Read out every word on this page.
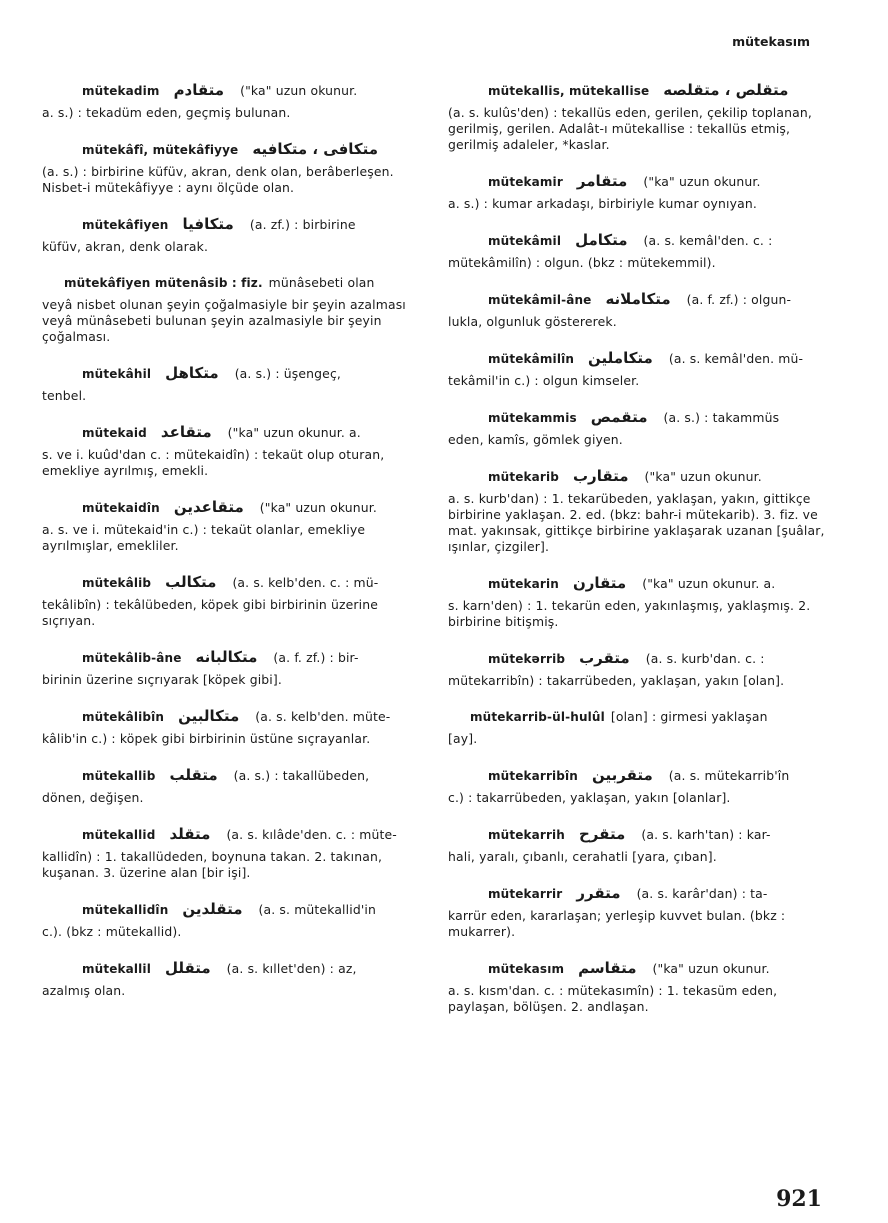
mütekasım
mütekadim متقادم ("ka" uzun okunur.
a. s.) : tekadüm eden, geçmiş bulunan.
mütekâfî, mütekâfiyye متكافى ، متكافيه
(a. s.) : birbirine küfüv, akran, denk olan, berâberleşen. Nisbet-i mütekâfiyye : aynı ölçüde olan.
mütekâfiyen متكافيا (a. zf.) : birbirine
küfüv, akran, denk olarak.
mütekâfiyen mütenâsib : fiz. münâsebeti olan
veyâ nisbet olunan şeyin çoğalmasiyle bir şeyin azalması veyâ münâsebeti bulunan şeyin azalmasiyle bir şeyin çoğalması.
mütekâhil متكاهل (a. s.) : üşengeç,
tenbel.
mütekaid متقاعد ("ka" uzun okunur. a.
s. ve i. kuûd'dan c. : mütekaidîn) : tekaüt olup oturan, emekliye ayrılmış, emekli.
mütekaidîn متقاعدين ("ka" uzun okunur.
a. s. ve i. mütekaid'in c.) : tekaüt olanlar, emekliye ayrılmışlar, emekliler.
mütekâlib متكالب (a. s. kelb'den. c. : mü-
tekâlibîn) : tekâlübeden, köpek gibi birbirinin üzerine sıçrıyan.
mütekâlib-âne متكالبانه (a. f. zf.) : bir-
birinin üzerine sıçrıyarak [köpek gibi].
mütekâlibîn متكالبين (a. s. kelb'den. müte-
kâlib'in c.) : köpek gibi birbirinin üstüne sıçrayanlar.
mütekallib متقلب (a. s.) : takallübeden,
dönen, değişen.
mütekallid متقلد (a. s. kılâde'den. c. : müte-
kallidîn) : 1. takallüdeden, boynuna takan. 2. takınan, kuşanan. 3. üzerine alan [bir işi].
mütekallidîn متقلدين (a. s. mütekallid'in
c.). (bkz : mütekallid).
mütekallil متقلل (a. s. kıllet'den) : az,
azalmış olan.
mütekallis, mütekallise متقلص ، متقلصه
(a. s. kulûs'den) : tekallüs eden, gerilen, çekilip toplanan, gerilmiş, gerilen. Adalât-ı mütekallise : tekallüs etmiş, gerilmiş adaleler, *kaslar.
mütekamir متقامر ("ka" uzun okunur.
a. s.) : kumar arkadaşı, birbiriyle kumar oynıyan.
mütekâmil متكامل (a. s. kemâl'den. c. :
mütekâmilîn) : olgun. (bkz : mütekemmil).
mütekâmil-âne متكاملانه (a. f. zf.) : olgun-
lukla, olgunluk göstererek.
mütekâmilîn متكاملين (a. s. kemâl'den. mü-
tekâmil'in c.) : olgun kimseler.
mütekammis متقمص (a. s.) : takammüs
eden, kamîs, gömlek giyen.
mütekarib متقارب ("ka" uzun okunur.
a. s. kurb'dan) : 1. tekarübeden, yaklaşan, yakın, gittikçe birbirine yaklaşan. 2. ed. (bkz: bahr-i mütekarib). 3. fiz. ve mat. yakınsak, gittikçe birbirine yaklaşarak uzanan [şuâlar, ışınlar, çizgiler].
mütekarin متقارن ("ka" uzun okunur. a.
s. karn'den) : 1. tekarün eden, yakınlaşmış, yaklaşmış. 2. birbirine bitişmiş.
mütekərrib متقرب (a. s. kurb'dan. c. :
mütekarribîn) : takarrübeden, yaklaşan, yakın [olan].
mütekarrib-ül-hulûl [olan] : girmesi yaklaşan
[ay].
mütekarribîn متقربين (a. s. mütekarrib'în
c.) : takarrübeden, yaklaşan, yakın [olanlar].
mütekarrih متقرح (a. s. karh'tan) : kar-
hali, yaralı, çıbanlı, cerahatli [yara, çıban].
mütekarrir متقرر (a. s. karâr'dan) : ta-
karrür eden, kararlaşan; yerleşip kuvvet bulan. (bkz : mukarrer).
mütekasım متقاسم ("ka" uzun okunur.
a. s. kısm'dan. c. : mütekasımîn) : 1. tekasüm eden, paylaşan, bölüşen. 2. andlaşan.
921
